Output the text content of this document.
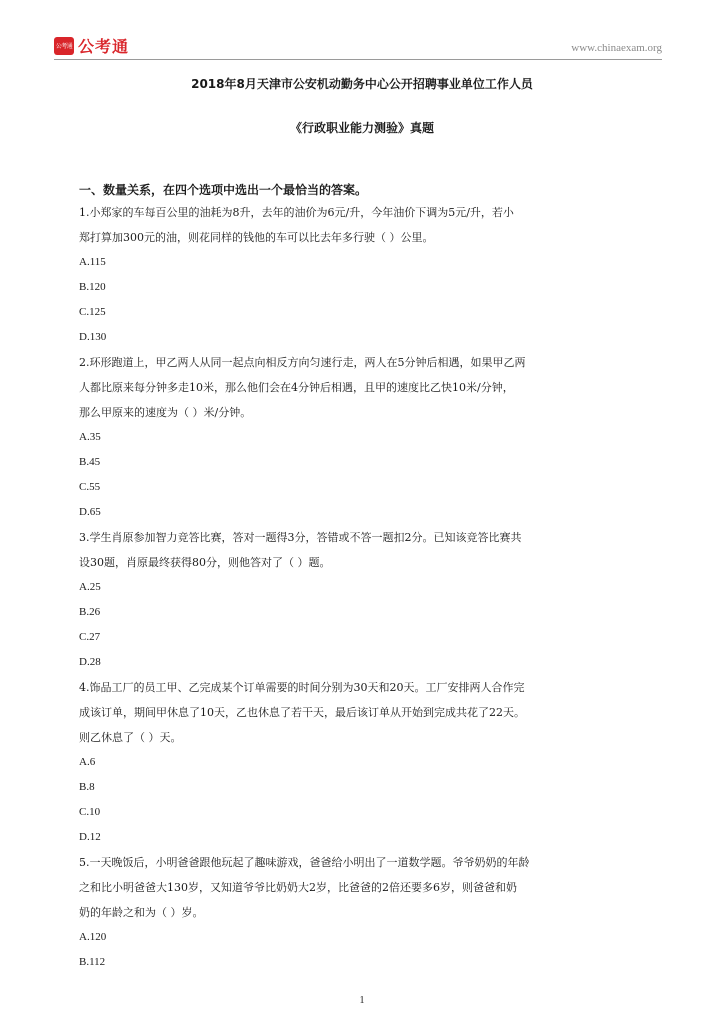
公考通 公考通	www.chinaexam.org
2018年8月天津市公安机动勤务中心公开招聘事业单位工作人员
《行政职业能力测验》真题
一、数量关系，在四个选项中选出一个最恰当的答案。
1.小郑家的车每百公里的油耗为8升，去年的油价为6元/升，今年油价下调为5元/升，若小
郑打算加300元的油，则花同样的钱他的车可以比去年多行驶（ ）公里。
A.115
B.120
C.125
D.130
2.环形跑道上，甲乙两人从同一起点向相反方向匀速行走，两人在5分钟后相遇，如果甲乙两
人都比原来每分钟多走10米，那么他们会在4分钟后相遇，且甲的速度比乙快10米/分钟，
那么甲原来的速度为（ ）米/分钟。
A.35
B.45
C.55
D.65
3.学生肖原参加智力竞答比赛，答对一题得3分，答错或不答一题扣2分。已知该竞答比赛共
设30题，肖原最终获得80分，则他答对了（ ）题。
A.25
B.26
C.27
D.28
4.饰品工厂的员工甲、乙完成某个订单需要的时间分别为30天和20天。工厂安排两人合作完
成该订单，期间甲休息了10天，乙也休息了若干天，最后该订单从开始到完成共花了22天。
则乙休息了（ ）天。
A.6
B.8
C.10
D.12
5.一天晚饭后，小明爸爸跟他玩起了趣味游戏，爸爸给小明出了一道数学题。爷爷奶奶的年龄
之和比小明爸爸大130岁，又知道爷爷比奶奶大2岁，比爸爸的2倍还要多6岁，则爸爸和奶
奶的年龄之和为（ ）岁。
A.120
B.112
1
